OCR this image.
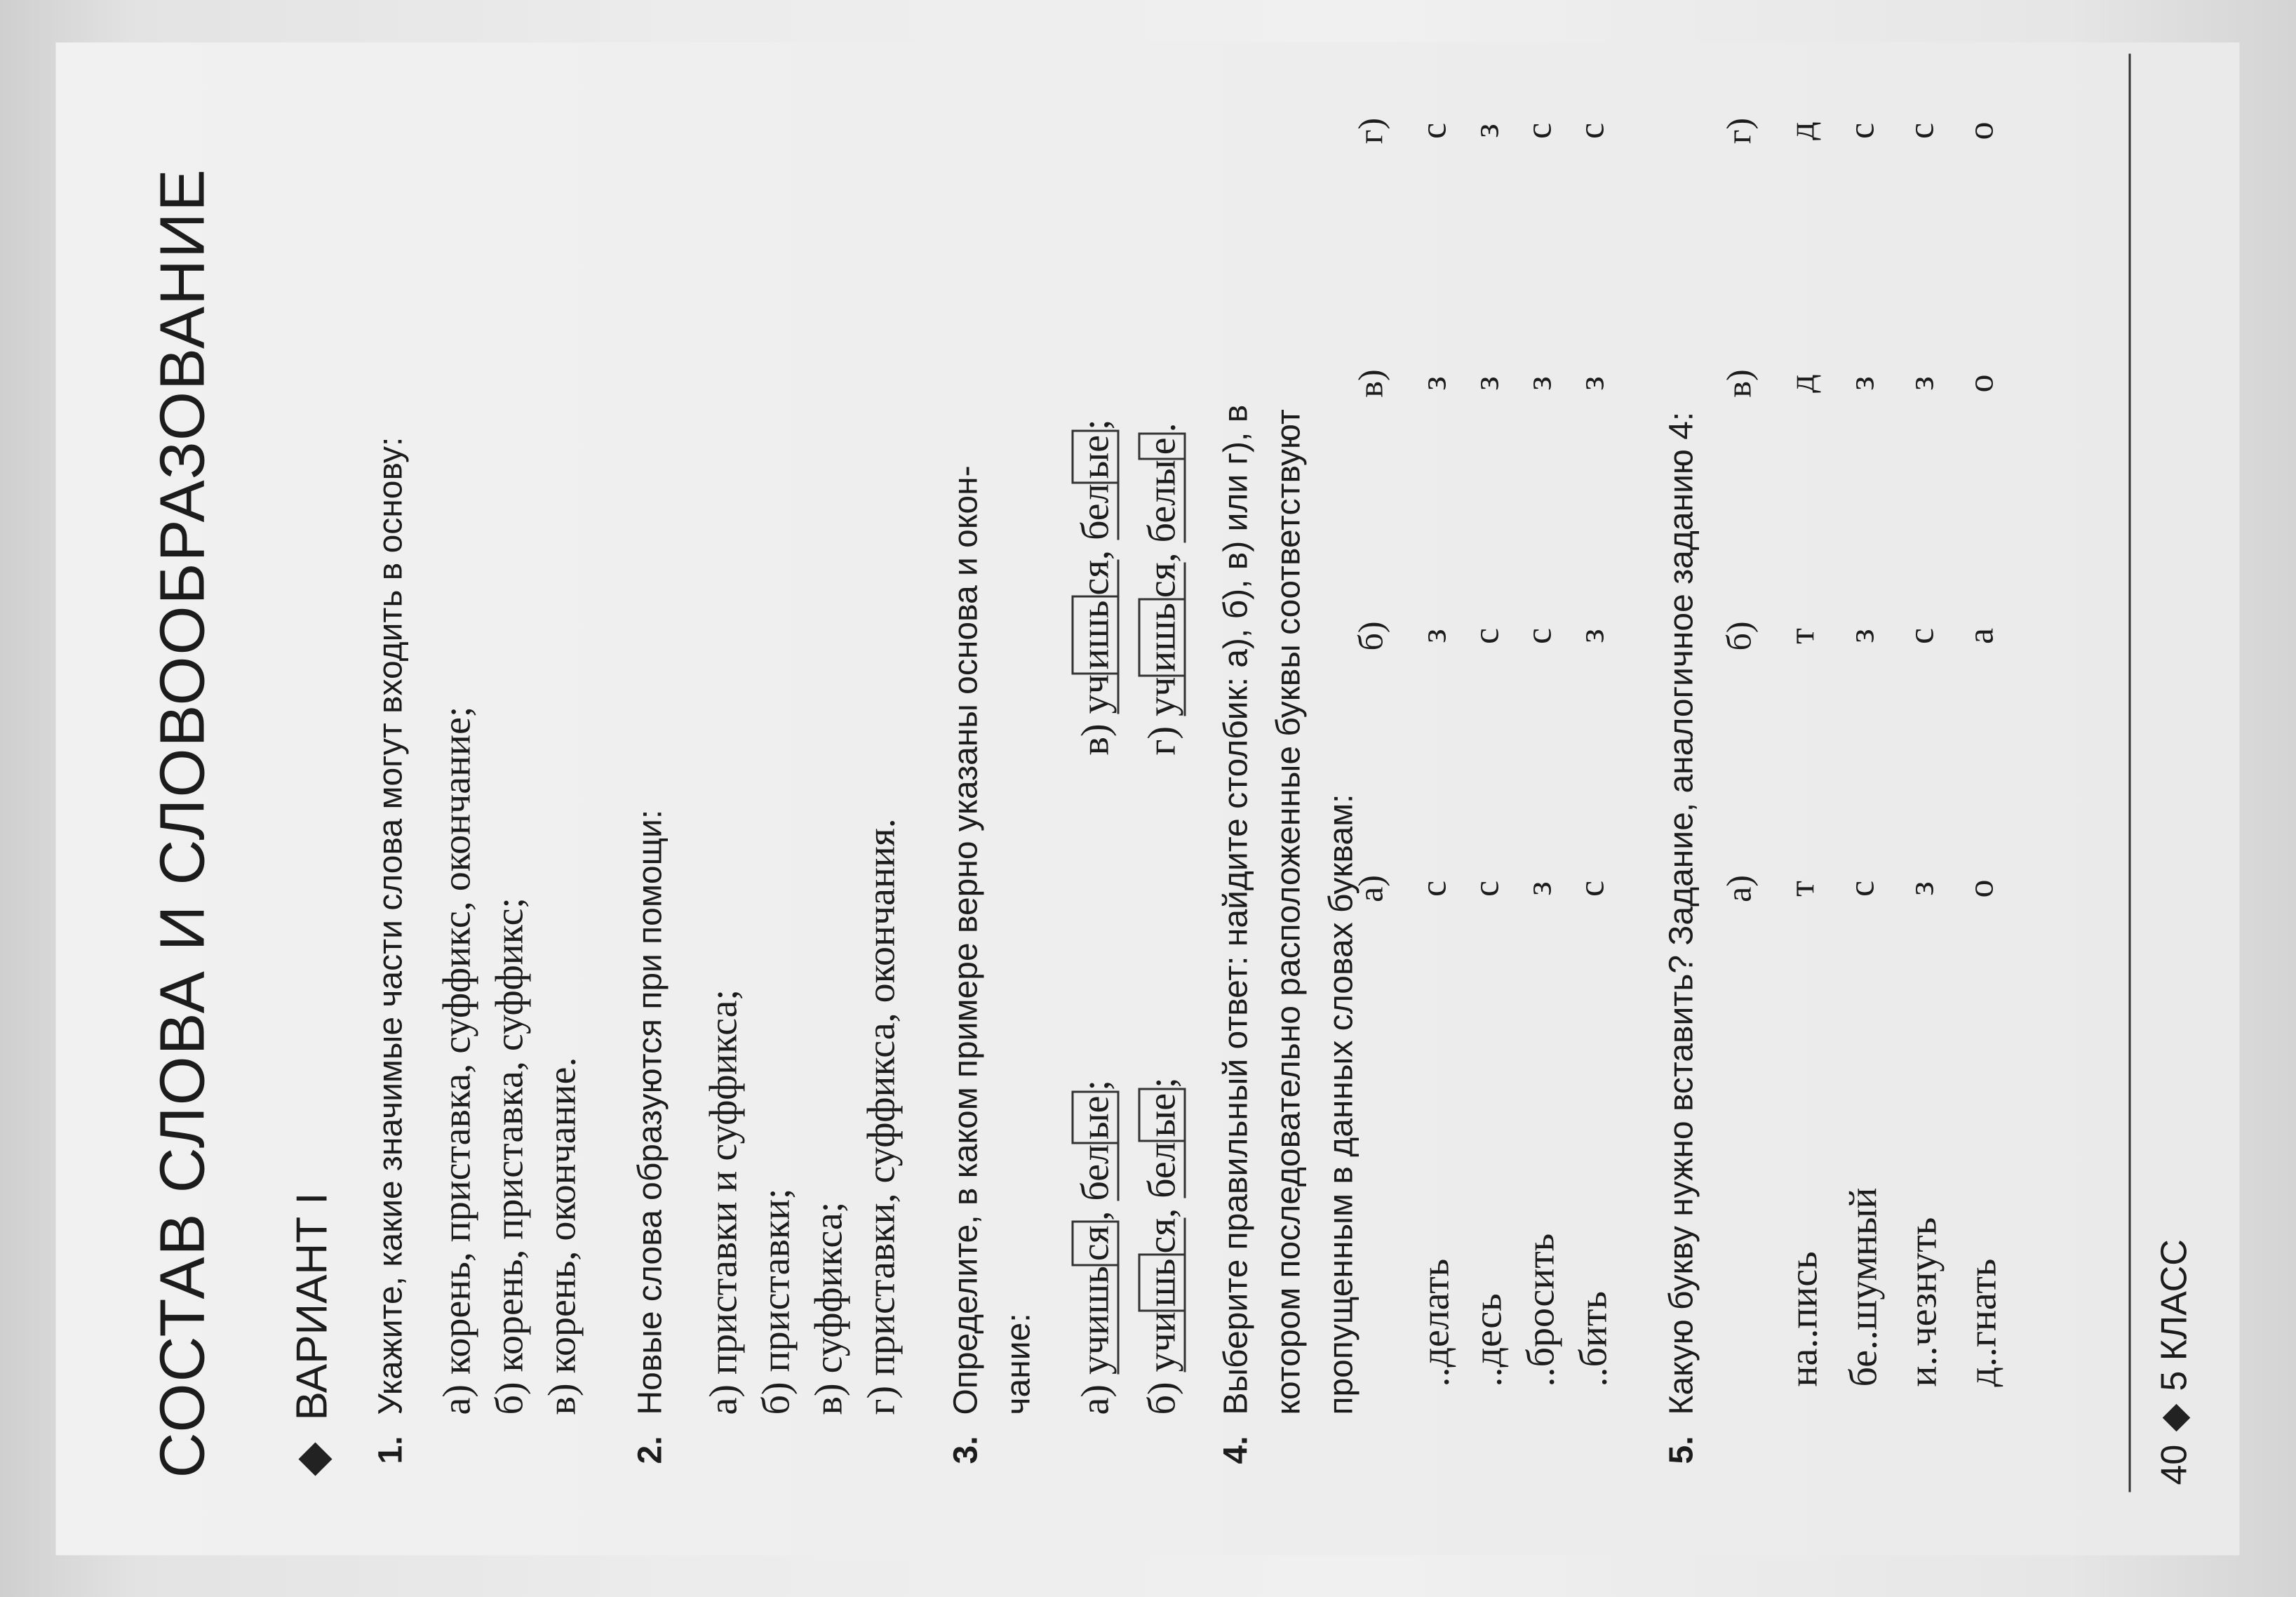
СОСТАВ СЛОВА И СЛОВООБРАЗОВАНИЕ ВАРИАНТ I
1.Укажите, какие значимые части слова могут входить в основу: а) корень, приставка, суффикс, окончание; б) корень, приставка, суффикс; в) корень, окончание.
2.Новые слова образуются при помощи: а) приставки и суффикса; б) приставки; в) суффикса; г) приставки, суффикса, окончания.
3.Определите, в каком примере верно указаны основа и окон- чание: а) учишься, белые;
б) учишься, белые;
в) учишься, белые;
г) учишься, белые.
4.Выберите правильный ответ: найдите столбик: а), б), в) или г), в котором последовательно расположенные буквы соответствуют пропущенным в данных словах буквам:
а)
б)
в)
г)
..делать
с
з
з
с
..десь
с
с
з
з
..бросить
з
с
з
с
..бить
с
з
з
с
5.Какую букву нужно вставить? Задание, аналогичное заданию 4: а)
б)
в)
г)
на..пись
т
т
д
д
бе..шумный
с
з
з
с
и..чезнуть
з
с
з
с
д..гнать
о
а
о
о
405 КЛАСС
